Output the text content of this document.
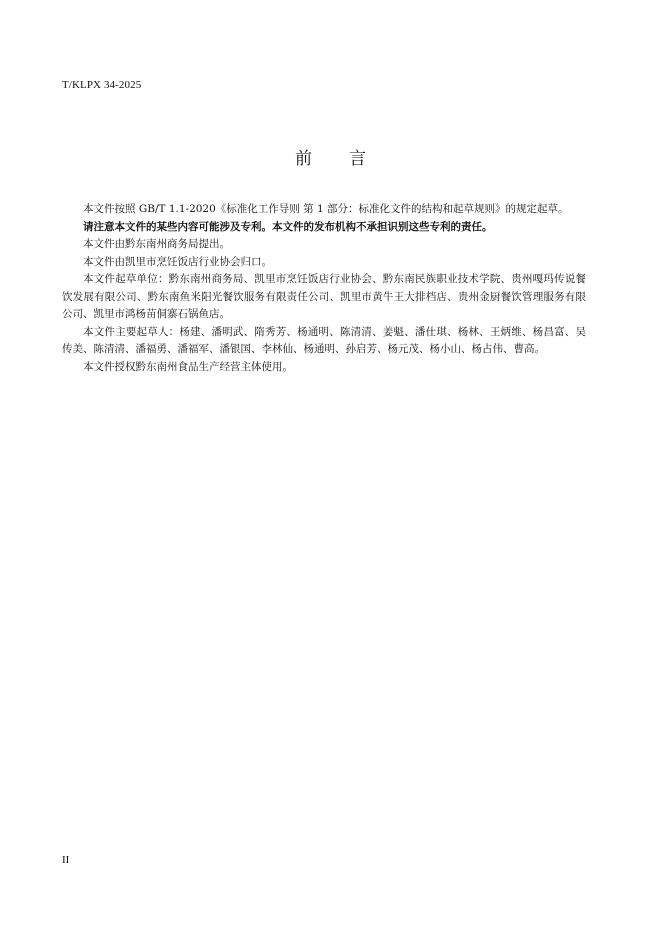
T/KLPX 34-2025
前 言

本文件按照 GB/T 1.1-2020《标准化工作导则 第 1 部分：标准化文件的结构和起草规则》的规定起草。

请注意本文件的某些内容可能涉及专利。本文件的发布机构不承担识别这些专利的责任。

本文件由黔东南州商务局提出。

本文件由凯里市烹饪饭店行业协会归口。

本文件起草单位：黔东南州商务局、凯里市烹饪饭店行业协会、黔东南民族职业技术学院、贵州嘎玛传说餐饮发展有限公司、黔东南鱼米阳光餐饮服务有限责任公司、凯里市黄牛王大排档店、贵州金厨餐饮管理服务有限公司、凯里市鸿杨苗侗寨石锅鱼店。

本文件主要起草人：杨建、潘明武、隋秀芳、杨通明、陈清清、姜魁、潘仕琪、杨林、王炳维、杨昌富、吴传美、陈清清、潘福勇、潘福军、潘银国、李林仙、杨通明、孙启芳、杨元茂、杨小山、杨占伟、曹高。

本文件授权黔东南州食品生产经营主体使用。

II
